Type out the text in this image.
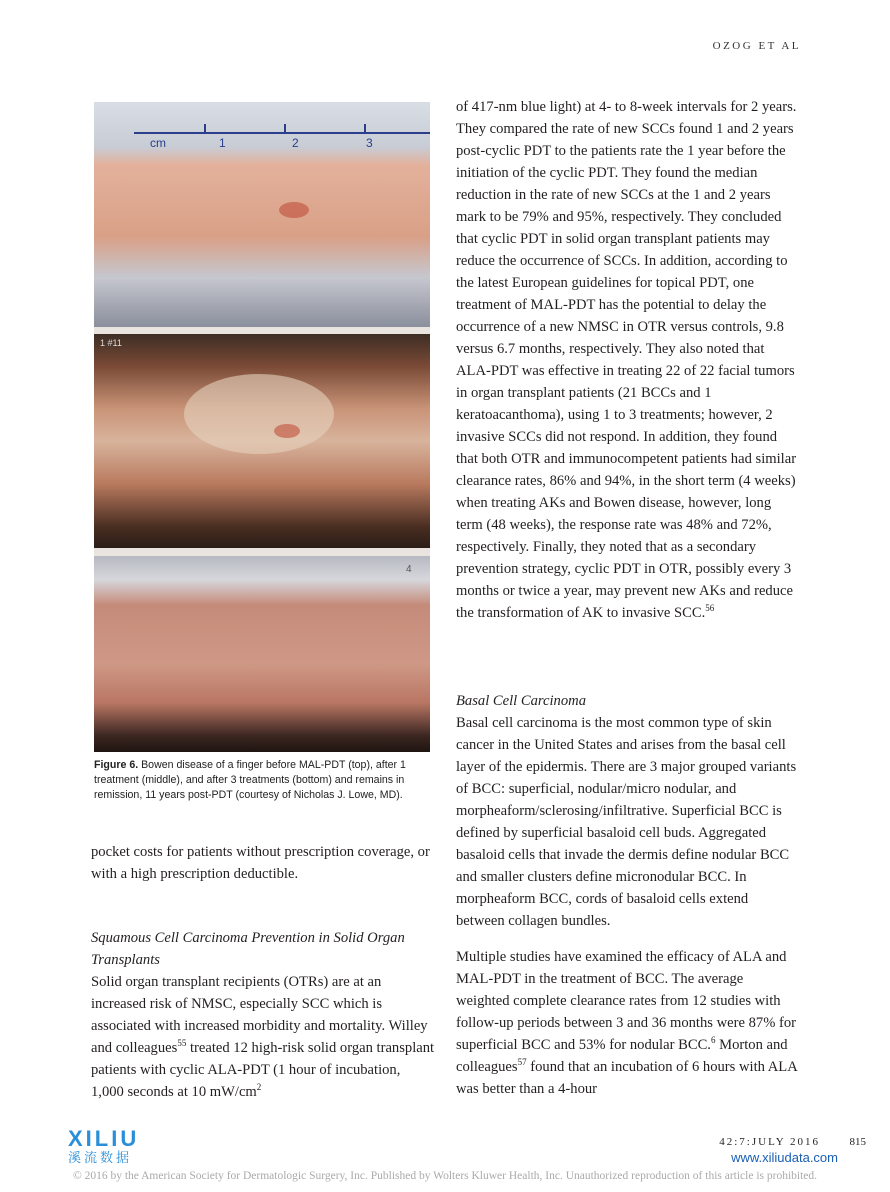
OZOG ET AL
cm	1	2	3
1 #11
4
Figure 6. Bowen disease of a finger before MAL-PDT (top), after 1 treatment (middle), and after 3 treatments (bottom) and remains in remission, 11 years post-PDT (courtesy of Nicholas J. Lowe, MD).

pocket costs for patients without prescription coverage, or with a high prescription deductible.

Squamous Cell Carcinoma Prevention in Solid Organ Transplants

Solid organ transplant recipients (OTRs) are at an increased risk of NMSC, especially SCC which is associated with increased morbidity and mortality. Willey and colleagues$^{55}$ treated 12 high-risk solid organ transplant patients with cyclic ALA-PDT (1 hour of incubation, 1,000 seconds at 10 $mW/cm^2$

of 417-nm blue light) at 4- to 8-week intervals for 2 years. They compared the rate of new SCCs found 1 and 2 years post-cyclic PDT to the patients rate the 1 year before the initiation of the cyclic PDT. They found the median reduction in the rate of new SCCs at the 1 and 2 years mark to be 79% and 95%, respectively. They concluded that cyclic PDT in solid organ transplant patients may reduce the occurrence of SCCs. In addition, according to the latest European guidelines for topical PDT, one treatment of MAL-PDT has the potential to delay the occurrence of a new NMSC in OTR versus controls, 9.8 versus 6.7 months, respectively. They also noted that ALA-PDT was effective in treating 22 of 22 facial tumors in organ transplant patients (21 BCCs and 1 keratoacanthoma), using 1 to 3 treatments; however, 2 invasive SCCs did not respond. In addition, they found that both OTR and immunocompetent patients had similar clearance rates, 86% and 94%, in the short term (4 weeks) when treating AKs and Bowen disease, however, long term (48 weeks), the response rate was 48% and 72%, respectively. Finally, they noted that as a secondary prevention strategy, cyclic PDT in OTR, possibly every 3 months or twice a year, may prevent new AKs and reduce the transformation of AK to invasive SCC.$^{56}$

Basal Cell Carcinoma

Basal cell carcinoma is the most common type of skin cancer in the United States and arises from the basal cell layer of the epidermis. There are 3 major grouped variants of BCC: superficial, nodular/micro nodular, and morpheaform/sclerosing/infiltrative. Superficial BCC is defined by superficial basaloid cell buds. Aggregated basaloid cells that invade the dermis define nodular BCC and smaller clusters define micronodular BCC. In morpheaform BCC, cords of basaloid cells extend between collagen bundles.

Multiple studies have examined the efficacy of ALA and MAL-PDT in the treatment of BCC. The average weighted complete clearance rates from 12 studies with follow-up periods between 3 and 36 months were 87% for superficial BCC and 53% for nodular BCC.$^6$ Morton and colleagues$^{57}$ found that an incubation of 6 hours with ALA was better than a 4-hour

42:7:JULY 2016	815
XILIU
溪流数据	www.xiliudata.com
© 2016 by the American Society for Dermatologic Surgery, Inc. Published by Wolters Kluwer Health, Inc. Unauthorized reproduction of this article is prohibited.
